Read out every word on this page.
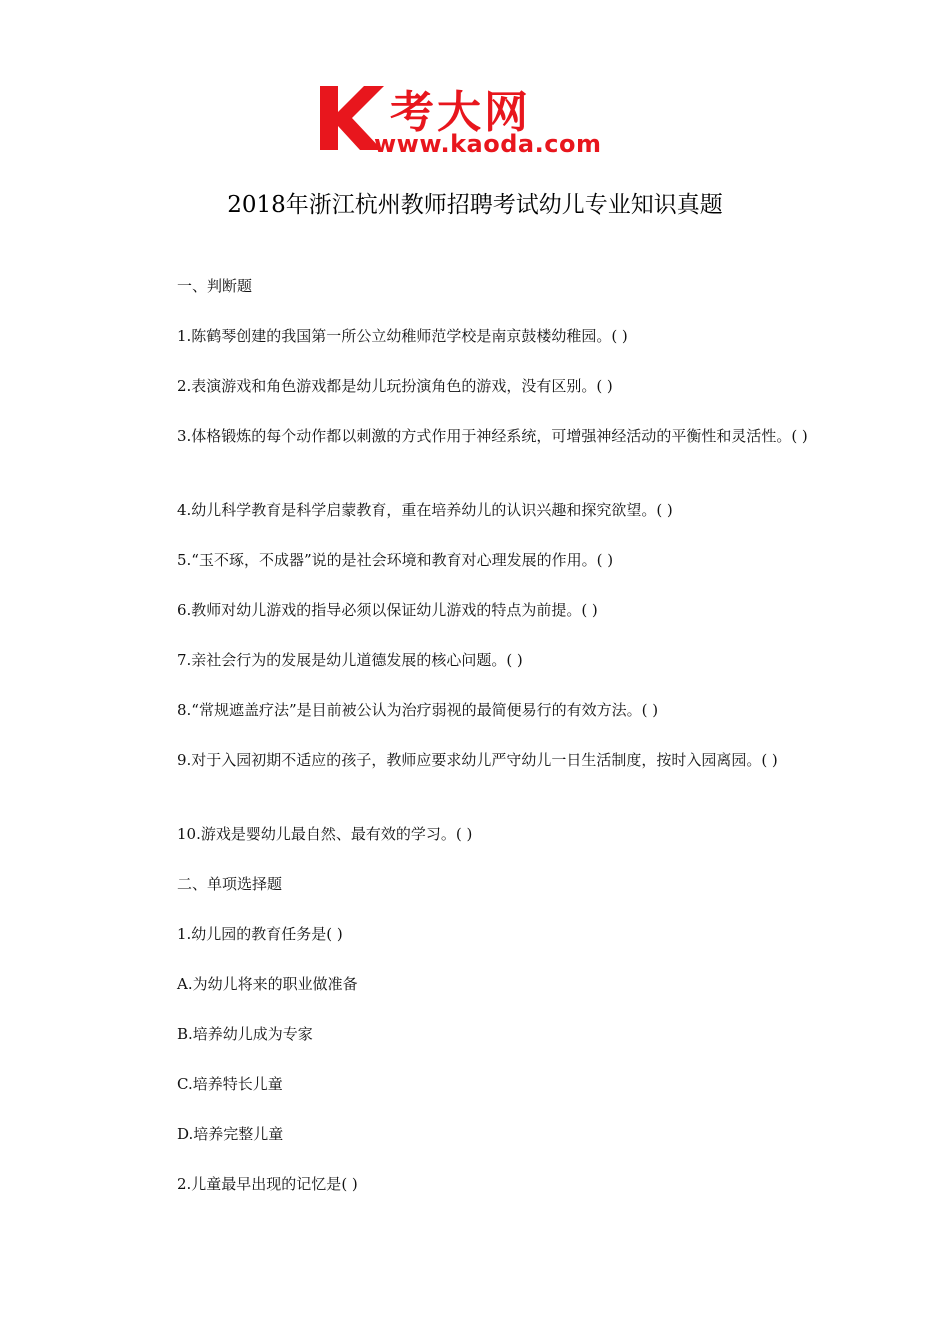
考大网
www.kaoda.com
2018年浙江杭州教师招聘考试幼儿专业知识真题
一、判断题
1.陈鹤琴创建的我国第一所公立幼稚师范学校是南京鼓楼幼稚园。( )
2.表演游戏和角色游戏都是幼儿玩扮演角色的游戏，没有区别。( )
3.体格锻炼的每个动作都以刺激的方式作用于神经系统，可增强神经活动的平衡性和灵活性。( )
4.幼儿科学教育是科学启蒙教育，重在培养幼儿的认识兴趣和探究欲望。( )
5.“玉不琢，不成器”说的是社会环境和教育对心理发展的作用。( )
6.教师对幼儿游戏的指导必须以保证幼儿游戏的特点为前提。( )
7.亲社会行为的发展是幼儿道德发展的核心问题。( )
8.“常规遮盖疗法”是目前被公认为治疗弱视的最简便易行的有效方法。( )
9.对于入园初期不适应的孩子，教师应要求幼儿严守幼儿一日生活制度，按时入园离园。( )
10.游戏是婴幼儿最自然、最有效的学习。( )
二、单项选择题
1.幼儿园的教育任务是( )
A.为幼儿将来的职业做准备
B.培养幼儿成为专家
C.培养特长儿童
D.培养完整儿童
2.儿童最早出现的记忆是( )
